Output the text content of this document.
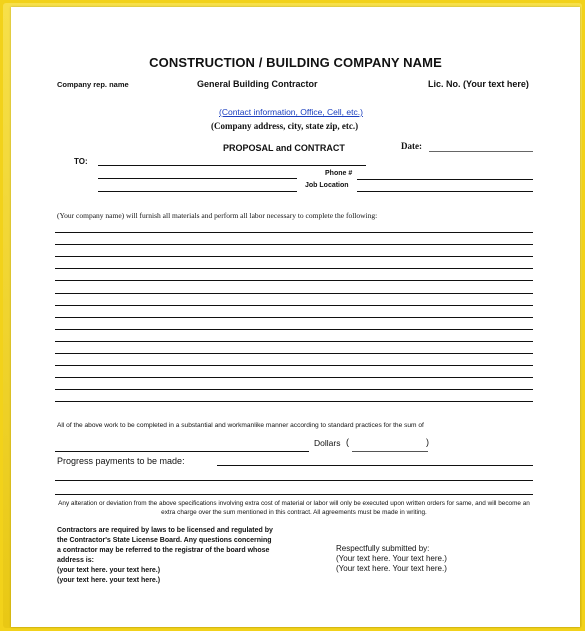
CONSTRUCTION / BUILDING COMPANY NAME
Company rep. name	General Building Contractor	Lic. No. (Your text here)
(Contact information, Office, Cell, etc.)
(Company address, city, state zip, etc.)
PROPOSAL and CONTRACT	Date:
TO:
Phone #
Job Location
(Your company name) will furnish all materials and perform all labor necessary to complete the following:
All of the above work to be completed in a substantial and workmanlike manner according to standard practices for the sum of
Dollars (	)
Progress payments to be made:
Any alteration or deviation from the above specifications involving extra cost of material or labor will only be executed upon written orders for same, and will become an extra charge over the sum mentioned in this contract. All agreements must be made in writing.
Contractors are required by laws to be licensed and regulated by
the Contractor's State License Board. Any questions concerning
a contractor may be referred to the registrar of the board whose
address is:
(your text here. your text here.)
(your text here. your text here.)
Respectfully submitted by:
(Your text here. Your text here.)
(Your text here. Your text here.)
